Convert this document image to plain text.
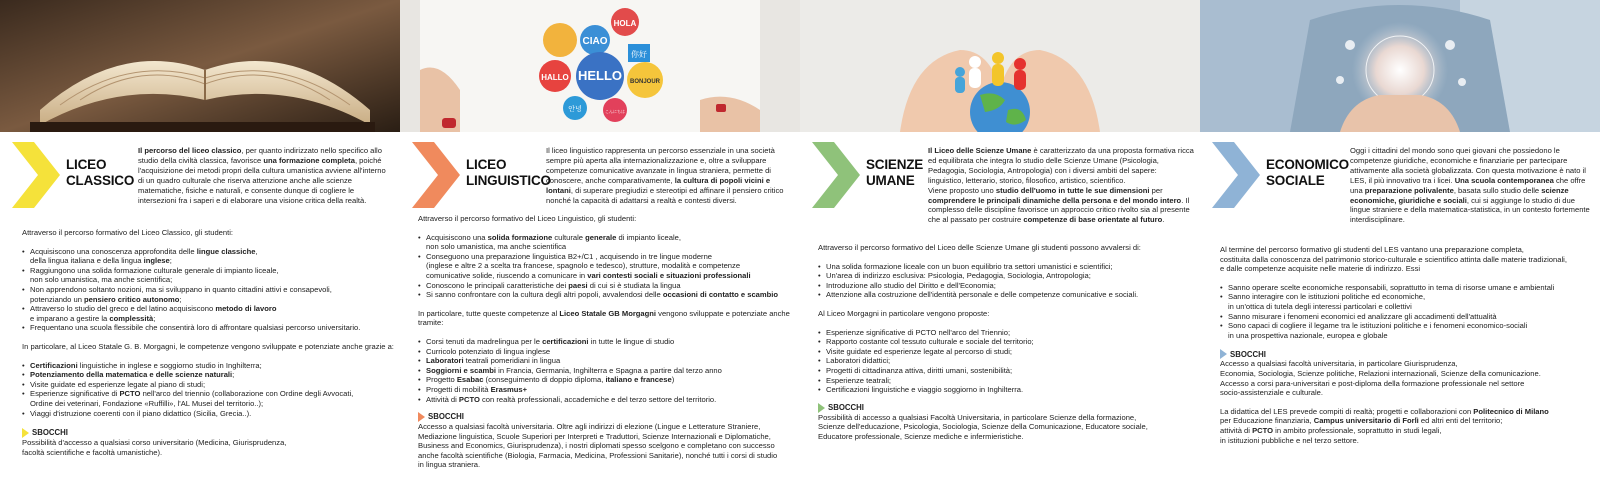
LICEO
CLASSICO
Il percorso del liceo classico, per quanto indirizzato nello specifico allo studio della civiltà classica, favorisce una formazione completa, poiché l'acquisizione dei metodi propri della cultura umanistica avviene all'interno di un quadro culturale che riserva attenzione anche alle scienze matematiche, fisiche e naturali, e consente dunque di cogliere le intersezioni fra i saperi e di elaborare una visione critica della realtà.

Attraverso il percorso formativo del Liceo Classico, gli studenti:

• Acquisiscono una conoscenza approfondita delle lingue classiche,
della lingua italiana e della lingua inglese;
• Raggiungono una solida formazione culturale generale di impianto liceale,
non solo umanistica, ma anche scientifica;
• Non apprendono soltanto nozioni, ma si sviluppano in quanto cittadini attivi e consapevoli,
potenziando un pensiero critico autonomo;
• Attraverso lo studio del greco e del latino acquisiscono metodo di lavoro
e imparano a gestire la complessità;
• Frequentano una scuola flessibile che consentirà loro di affrontare qualsiasi percorso universitario.

In particolare, al Liceo Statale G. B. Morgagni, le competenze vengono sviluppate e potenziate anche grazie a:

• Certificazioni linguistiche in inglese e soggiorno studio in Inghilterra;
• Potenziamento della matematica e delle scienze naturali;
• Visite guidate ed esperienze legate al piano di studi;
• Esperienze significative di PCTO nell'arco del triennio (collaborazione con Ordine degli Avvocati,
Ordine dei veterinari, Fondazione «Ruffilli», l'AL Musei del territorio..);
• Viaggi d'istruzione coerenti con il piano didattico (Sicilia, Grecia..).
SBOCCHI

Possibilità d'accesso a qualsiasi corso universitario (Medicina, Giurisprudenza,
facoltà scientifiche e facoltà umanistiche).

CIAO
HOLA
HELLO
HALLO	BONJOUR
你好
안녕	こんにちは
LICEO
LINGUISTICO
Il liceo linguistico rappresenta un percorso essenziale in una società sempre più aperta alla internazionalizzazione e, oltre a sviluppare competenze comunicative avanzate in lingua straniera, permette di conoscere, anche comparativamente, la cultura di popoli vicini e lontani, di superare pregiudizi e stereotipi ed affinare il pensiero critico nonché la capacità di adattarsi a realtà e contesti diversi.

Attraverso il percorso formativo del Liceo Linguistico, gli studenti:

• Acquisiscono una solida formazione culturale generale di impianto liceale,
non solo umanistica, ma anche scientifica
• Conseguono una preparazione linguistica B2+/C1 , acquisendo in tre lingue moderne
(inglese e altre 2 a scelta tra francese, spagnolo e tedesco), strutture, modalità e competenze
comunicative solide, riuscendo a comunicare in vari contesti sociali e situazioni professionali
• Conoscono le principali caratteristiche dei paesi di cui si è studiata la lingua
• Si sanno confrontare con la cultura degli altri popoli, avvalendosi delle occasioni di contatto e scambio

In particolare, tutte queste competenze al Liceo Statale GB Morgagni vengono sviluppate e potenziate anche tramite:

• Corsi tenuti da madrelingua per le certificazioni in tutte le lingue di studio
• Curricolo potenziato di lingua inglese
• Laboratori teatrali pomeridiani in lingua
• Soggiorni e scambi in Francia, Germania, Inghilterra e Spagna a partire dal terzo anno
• Progetto Esabac (conseguimento di doppio diploma, italiano e francese)
• Progetti di mobilità Erasmus+
• Attività di PCTO con realtà professionali, accademiche e del terzo settore del territorio.
SBOCCHI

Accesso a qualsiasi facoltà universitaria. Oltre agli indirizzi di elezione (Lingue e Letterature Straniere,
Mediazione linguistica, Scuole Superiori per Interpreti e Traduttori, Scienze Internazionali e Diplomatiche,
Business and Economics, Giurisprudenza), i nostri diplomati spesso scelgono e completano con successo
anche facoltà scientifiche (Biologia, Farmacia, Medicina, Professioni Sanitarie), nonché tutti i corsi di studio
in lingua straniera.

SCIENZE
UMANE
Il Liceo delle Scienze Umane è caratterizzato da una proposta formativa ricca ed equilibrata che integra lo studio delle Scienze Umane (Psicologia, Pedagogia, Sociologia, Antropologia) con i diversi ambiti del sapere: linguistico, letterario, storico, filosofico, artistico, scientifico.
Viene proposto uno studio dell'uomo in tutte le sue dimensioni per comprendere le principali dinamiche della persona e del mondo intero. Il complesso delle discipline favorisce un approccio critico rivolto sia al presente che al passato per costruire competenze di base orientate al futuro.

Attraverso il percorso formativo del Liceo delle Scienze Umane gli studenti possono avvalersi di:

• Una solida formazione liceale con un buon equilibrio tra settori umanistici e scientifici;
• Un'area di indirizzo esclusiva: Psicologia, Pedagogia, Sociologia, Antropologia;
• Introduzione allo studio del Diritto e dell'Economia;
• Attenzione alla costruzione dell'identità personale e delle competenze comunicative e sociali.

Al Liceo Morgagni in particolare vengono proposte:

• Esperienze significative di PCTO nell'arco del Triennio;
• Rapporto costante col tessuto culturale e sociale del territorio;
• Visite guidate ed esperienze legate al percorso di studi;
• Laboratori didattici;
• Progetti di cittadinanza attiva, diritti umani, sostenibilità;
• Esperienze teatrali;
• Certificazioni linguistiche e viaggio soggiorno in Inghilterra.
SBOCCHI

Possibilità di accesso a qualsiasi Facoltà Universitaria, in particolare Scienze della formazione,
Scienze dell'educazione, Psicologia, Sociologia, Scienze della Comunicazione, Educatore sociale,
Educatore professionale, Scienze mediche e infermieristiche.

ECONOMICO
SOCIALE
Oggi i cittadini del mondo sono quei giovani che possiedono le competenze giuridiche, economiche e finanziarie per partecipare attivamente alla società globalizzata. Con questa motivazione è nato il LES, il più innovativo tra i licei. Una scuola contemporanea che offre una preparazione polivalente, basata sullo studio delle scienze economiche, giuridiche e sociali, cui si aggiunge lo studio di due lingue straniere e della matematica-statistica, in un contesto fortemente interdisciplinare.

Al termine del percorso formativo gli studenti del LES vantano una preparazione completa,
costituita dalla conoscenza del patrimonio storico-culturale e scientifico attinta dalle materie tradizionali,
e dalle competenze acquisite nelle materie di indirizzo. Essi

• Sanno operare scelte economiche responsabili, soprattutto in tema di risorse umane e ambientali
• Sanno interagire con le istituzioni politiche ed economiche,
in un'ottica di tutela degli interessi particolari e collettivi
• Sanno misurare i fenomeni economici ed analizzare gli accadimenti dell'attualità
• Sono capaci di cogliere il legame tra le istituzioni politiche e i fenomeni economico-sociali
in una prospettiva nazionale, europea e globale
SBOCCHI

Accesso a qualsiasi facoltà universitaria, in particolare Giurisprudenza,
Economia, Sociologia, Scienze politiche, Relazioni internazionali, Scienze della comunicazione.
Accesso a corsi para-universitari e post-diploma della formazione professionale nel settore
socio-assistenziale e culturale.

La didattica del LES prevede compiti di realtà; progetti e collaborazioni con Politecnico di Milano
per Educazione finanziaria, Campus universitario di Forlì ed altri enti del territorio;
attività di PCTO in ambito professionale, soprattutto in studi legali,
in istituzioni pubbliche e nel terzo settore.
